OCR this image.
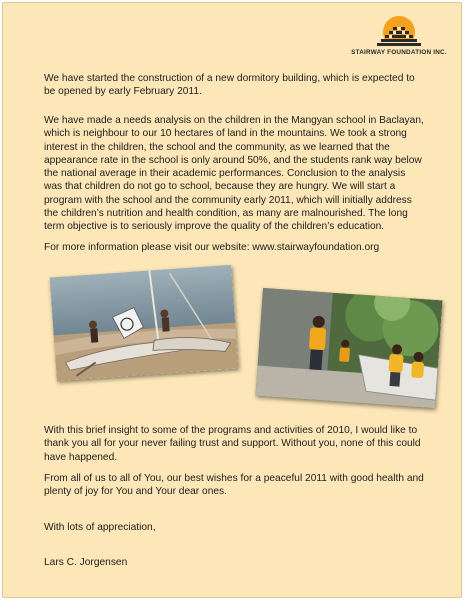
STAIRWAY FOUNDATION INC.

We have started the construction of a new dormitory building, which is expected to be opened by early February 2011.

We have made a needs analysis on the children in the Mangyan school in Baclayan, which is neighbour to our 10 hectares of land in the mountains. We took a strong interest in the children, the school and the community, as we learned that the appearance rate in the school is only around 50%, and the students rank way below the national average in their academic performances. Conclusion to the analysis was that children do not go to school, because they are hungry. We will start a program with the school and the community early 2011, which will initially address the children’s nutrition and health condition, as many are malnourished. The long term objective is to seriously improve the quality of the children’s education.

For more information please visit our website: www.stairwayfoundation.org

With this brief insight to some of the programs and activities of 2010, I would like to thank you all for your never failing trust and support. Without you, none of this could have happened.

From all of us to all of You, our best wishes for a peaceful 2011 with good health and plenty of joy for You and Your dear ones.

With lots of appreciation,

Lars C. Jorgensen
